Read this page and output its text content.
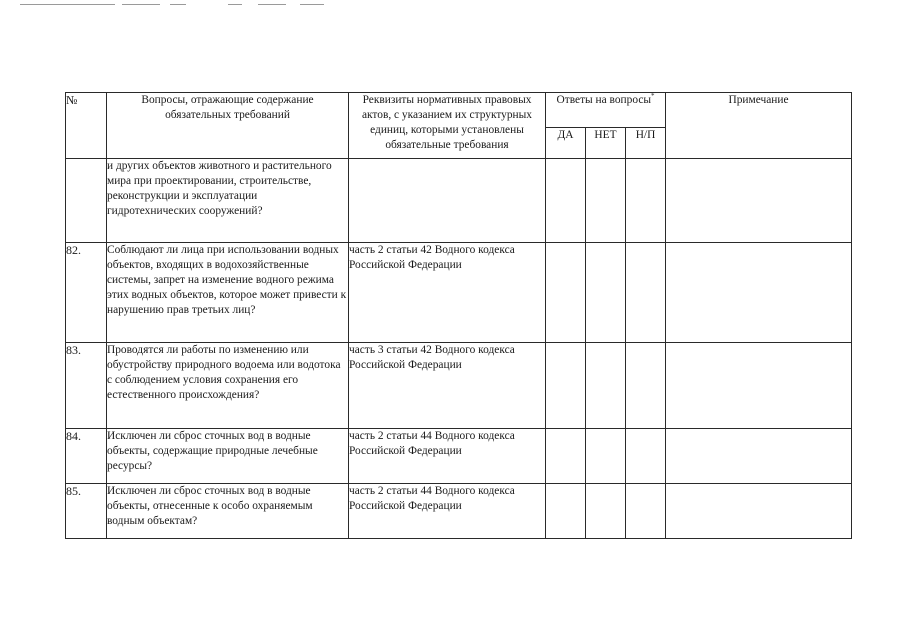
№	Вопросы, отражающие содержание обязательных требований	Реквизиты нормативных правовых актов, с указанием их структурных единиц, которыми установлены обязательные требования	Ответы на вопросы*			Примечание
			ДА	НЕТ	Н/П	

	и других объектов животного и растительного мира при проектировании, строительстве, реконструкции и эксплуатации гидротехнических сооружений?					

82.	Соблюдают ли лица при использовании водных объектов, входящих в водохозяйственные системы, запрет на изменение водного режима этих водных объектов, которое может привести к нарушению прав третьих лиц?	часть 2 статьи 42 Водного кодекса Российской Федерации				

83.	Проводятся ли работы по изменению или обустройству природного водоема или водотока с соблюдением условия сохранения его естественного происхождения?	часть 3 статьи 42 Водного кодекса Российской Федерации				

84.	Исключен ли сброс сточных вод в водные объекты, содержащие природные лечебные ресурсы?	часть 2 статьи 44 Водного кодекса Российской Федерации				

85.	Исключен ли сброс сточных вод в водные объекты, отнесенные к особо охраняемым водным объектам?	часть 2 статьи 44 Водного кодекса Российской Федерации				
